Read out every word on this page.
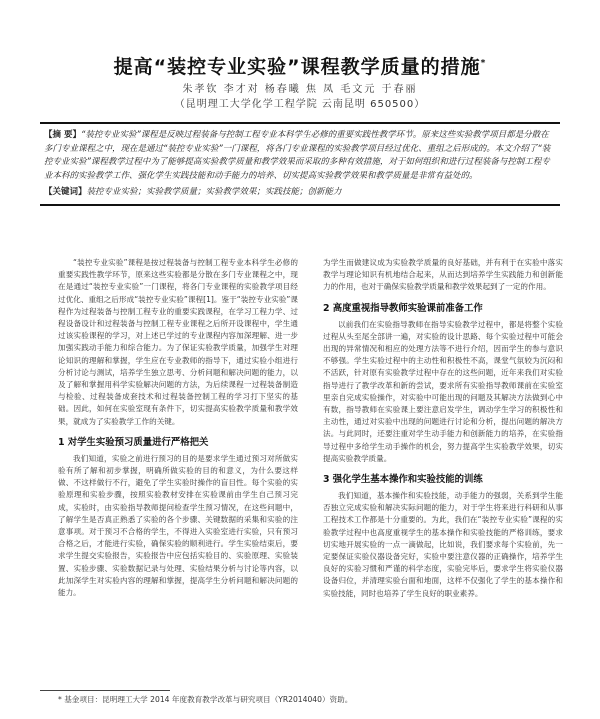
提高“装控专业实验”课程教学质量的措施*
朱孝钦 李才对 杨春曦 焦 凤 毛文元 于春丽
（昆明理工大学化学工程学院 云南昆明 650500）

【摘 要】“装控专业实验”课程是反映过程装备与控制工程专业本科学生必修的重要实践性教学环节。原来这些实验教学项目都是分散在多门专业课程之中，现在是通过“装控专业实验”一门课程，将各门专业课程的实验教学项目经过优化、重组之后形成的。本文介绍了“装控专业实验”课程教学过程中为了能够提高实验教学质量和教学效果而采取的多种有效措施，对于如何组织和进行过程装备与控制工程专业本科的实验教学工作、强化学生实践技能和动手能力的培养、切实提高实验教学效果和教学质量是非常有益处的。

【关键词】装控专业实验；实验教学质量；实验教学效果；实践技能；创新能力

“装控专业实验”课程是按过程装备与控制工程专业本科学生必修的重要实践性教学环节，原来这些实验都是分散在多门专业课程之中，现在是通过“装控专业实验”一门课程，将各门专业课程的实验教学项目经过优化、重组之后形成“装控专业实验”课程[1]。鉴于“装控专业实验”课程作为过程装备与控制工程专业的重要实践课程，在学习工程力学、过程设备设计和过程装备与控制工程专业课程之后所开设课程中，学生通过该实验课程的学习，对上述已学过的专业课程内容加深理解、进一步加强实践动手能力和综合能力。为了保证实验教学质量，加强学生对理论知识的理解和掌握，学生应在专业教师的指导下，通过实验小组进行分析讨论与测试，培养学生独立思考、分析问题和解决问题的能力，以及了解和掌握用科学实验解决问题的方法，为后续课程一过程装备制造与检验、过程装备成套技术和过程装备控制工程的学习打下坚实的基础。因此，如何在实验室现有条件下，切实提高实验教学质量和教学效果，就成为了实验教学工作的关键。

1 对学生实验预习质量进行严格把关

我们知道，实验之前进行预习的目的是要求学生通过预习对所做实验有所了解和初步掌握，明确所做实验的目的和意义，为什么要这样做、不这样做行不行，避免了学生实验时操作的盲目性。每个实验的实验原理和实验步骤，按照实验教材安排在实验课前由学生自己预习完成，实验时，由实验指导教师提问检查学生预习情况，在这些问题中，了解学生是否真正熟悉了实验的各个步骤、关键数据的采集和实验的注意事项。对于预习不合格的学生，不得进入实验室进行实验，只有预习合格之后，才能进行实验，确保实验的顺利进行。学生实验结束后，要求学生提交实验报告，实验报告中应包括实验目的、实验原理、实验装置、实验步骤、实验数据记录与处理、实验结果分析与讨论等内容，以此加深学生对实验内容的理解和掌握，提高学生分析问题和解决问题的能力。

为学生而做建议成为实验教学质量的良好基础，并有利于在实验中落实教学与理论知识有机地结合起来，从而达到培养学生实践能力和创新能力的作用，也对于确保实验教学质量和教学效果起到了一定的作用。

2 高度重视指导教师实验课前准备工作

以前我们在实验指导教师在指导实验教学过程中，都是将整个实验过程从头至尾全部讲一遍，对实验的设计思路、每个实验过程中可能会出现的异常情况和相应的处理方法等不进行介绍，因而学生的参与意识不够强。学生实验过程中的主动性和积极性不高，课堂气氛较为沉闷和不活跃，针对原有实验教学过程中存在的这些问题，近年来我们对实验指导进行了教学改革和新的尝试，要求所有实验指导教师课前在实验室里亲自完成实验操作，对实验中可能出现的问题及其解决方法做到心中有数，指导教师在实验课上要注意启发学生，调动学生学习的积极性和主动性，通过对实验中出现的问题进行讨论和分析，提出问题的解决方法。与此同时，还要注重对学生动手能力和创新能力的培养，在实验指导过程中多给学生动手操作的机会，努力提高学生实验教学效果，切实提高实验教学质量。

3 强化学生基本操作和实验技能的训练

我们知道，基本操作和实验技能，动手能力的强弱，关系到学生能否独立完成实验和解决实际问题的能力，对于学生将来进行科研和从事工程技术工作都是十分重要的。为此，我们在“装控专业实验”课程的实验教学过程中也高度重视学生的基本操作和实验技能的严格训练，要求切实地开展实验的一点一滴做起，比如说，我们要求每个实验前，先一定要保证实验仪器设备完好，实验中要注意仪器的正确操作，培养学生良好的实验习惯和严谨的科学态度，实验完毕后，要求学生将实验仪器设备归位，并清理实验台面和地面，这样不仅强化了学生的基本操作和实验技能，同时也培养了学生良好的职业素养。

* 基金项目：昆明理工大学 2014 年度教育教学改革与研究项目（YR2014040）资助。
